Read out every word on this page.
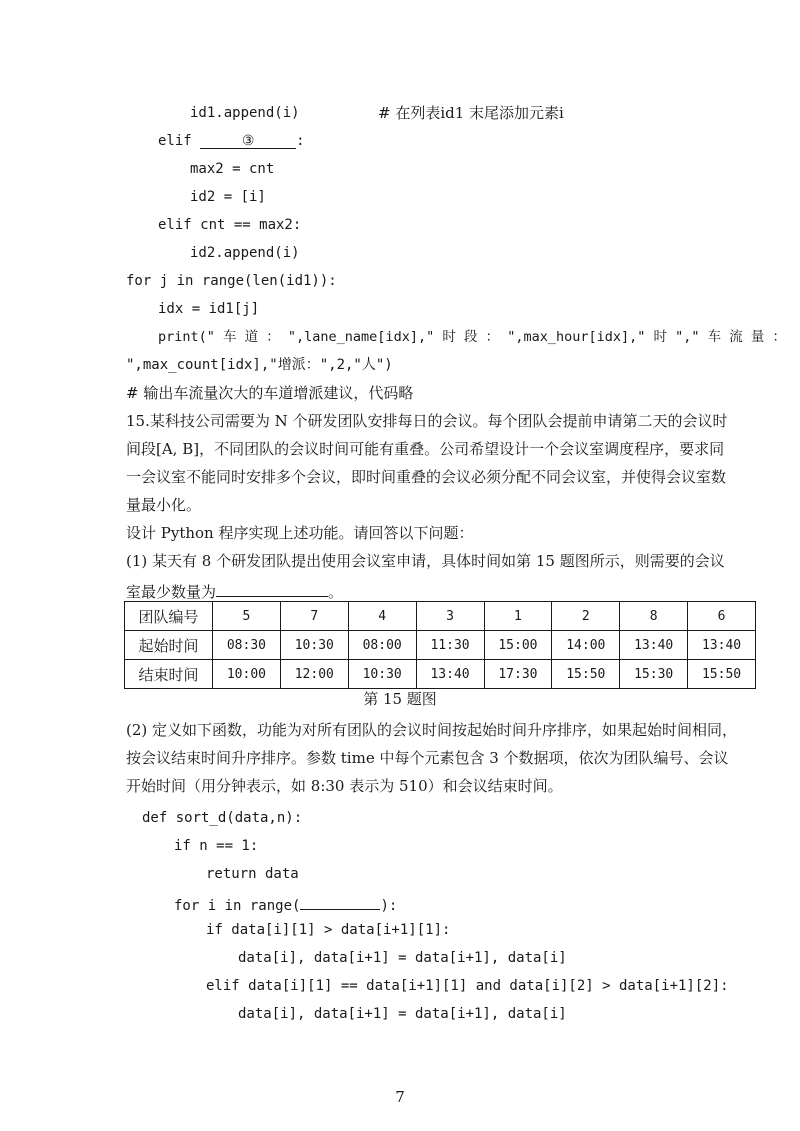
id1.append(i)	# 在列表id1 末尾添加元素i
elif	③	:
max2 = cnt
id2 = [i]
elif cnt == max2:
id2.append(i)
for j in range(len(id1)):
idx = id1[j]
print(" 车 道 ： ",lane_name[idx]," 时 段 ： ",max_hour[idx]," 时 "," 车 流 量 ：
",max_count[idx],"增派：",2,"人")
# 输出车流量次大的车道增派建议，代码略
15.某科技公司需要为 N 个研发团队安排每日的会议。每个团队会提前申请第二天的会议时
间段[A, B]，不同团队的会议时间可能有重叠。公司希望设计一个会议室调度程序，要求同
一会议室不能同时安排多个会议，即时间重叠的会议必须分配不同会议室，并使得会议室数
量最小化。
设计 Python 程序实现上述功能。请回答以下问题：
(1) 某天有 8 个研发团队提出使用会议室申请，具体时间如第 15 题图所示，则需要的会议
室最少数量为	。
团队编号	5	7	4	3	1	2	8	6
起始时间	08:30	10:30	08:00	11:30	15:00	14:00	13:40	13:40
结束时间	10:00	12:00	10:30	13:40	17:30	15:50	15:30	15:50
第 15 题图
(2) 定义如下函数，功能为对所有团队的会议时间按起始时间升序排序，如果起始时间相同，
按会议结束时间升序排序。参数 time 中每个元素包含 3 个数据项，依次为团队编号、会议
开始时间（用分钟表示，如 8:30 表示为 510）和会议结束时间。
def sort_d(data,n):
if n == 1:
return data
for i in range(	):
if data[i][1] > data[i+1][1]:
data[i], data[i+1] = data[i+1], data[i]
elif data[i][1] == data[i+1][1] and data[i][2] > data[i+1][2]:
data[i], data[i+1] = data[i+1], data[i]
7
